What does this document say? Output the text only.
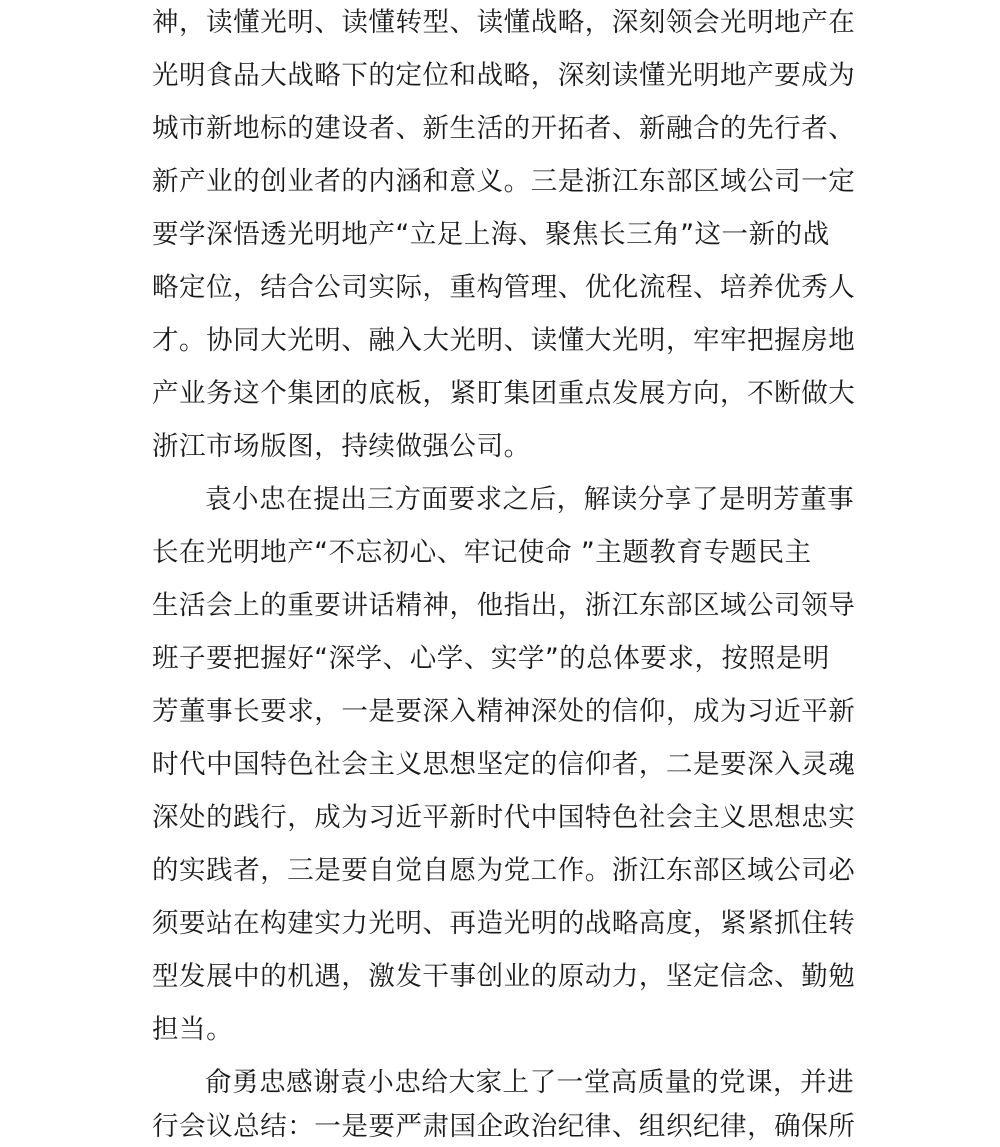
神，读懂光明、读懂转型、读懂战略，深刻领会光明地产在
光明食品大战略下的定位和战略，深刻读懂光明地产要成为
城市新地标的建设者、新生活的开拓者、新融合的先行者、
新产业的创业者的内涵和意义。三是浙江东部区域公司一定
要学深悟透光明地产“立足上海、聚焦长三角”这一新的战
略定位，结合公司实际，重构管理、优化流程、培养优秀人
才。协同大光明、融入大光明、读懂大光明，牢牢把握房地
产业务这个集团的底板，紧盯集团重点发展方向，不断做大
浙江市场版图，持续做强公司。
袁小忠在提出三方面要求之后，解读分享了是明芳董事
长在光明地产“不忘初心、牢记使命 ”主题教育专题民主
生活会上的重要讲话精神，他指出，浙江东部区域公司领导
班子要把握好“深学、心学、实学”的总体要求，按照是明
芳董事长要求，一是要深入精神深处的信仰，成为习近平新
时代中国特色社会主义思想坚定的信仰者，二是要深入灵魂
深处的践行，成为习近平新时代中国特色社会主义思想忠实
的实践者，三是要自觉自愿为党工作。浙江东部区域公司必
须要站在构建实力光明、再造光明的战略高度，紧紧抓住转
型发展中的机遇，激发干事创业的原动力，坚定信念、勤勉
担当。
俞勇忠感谢袁小忠给大家上了一堂高质量的党课，并进
行会议总结：一是要严肃国企政治纪律、组织纪律，确保所
